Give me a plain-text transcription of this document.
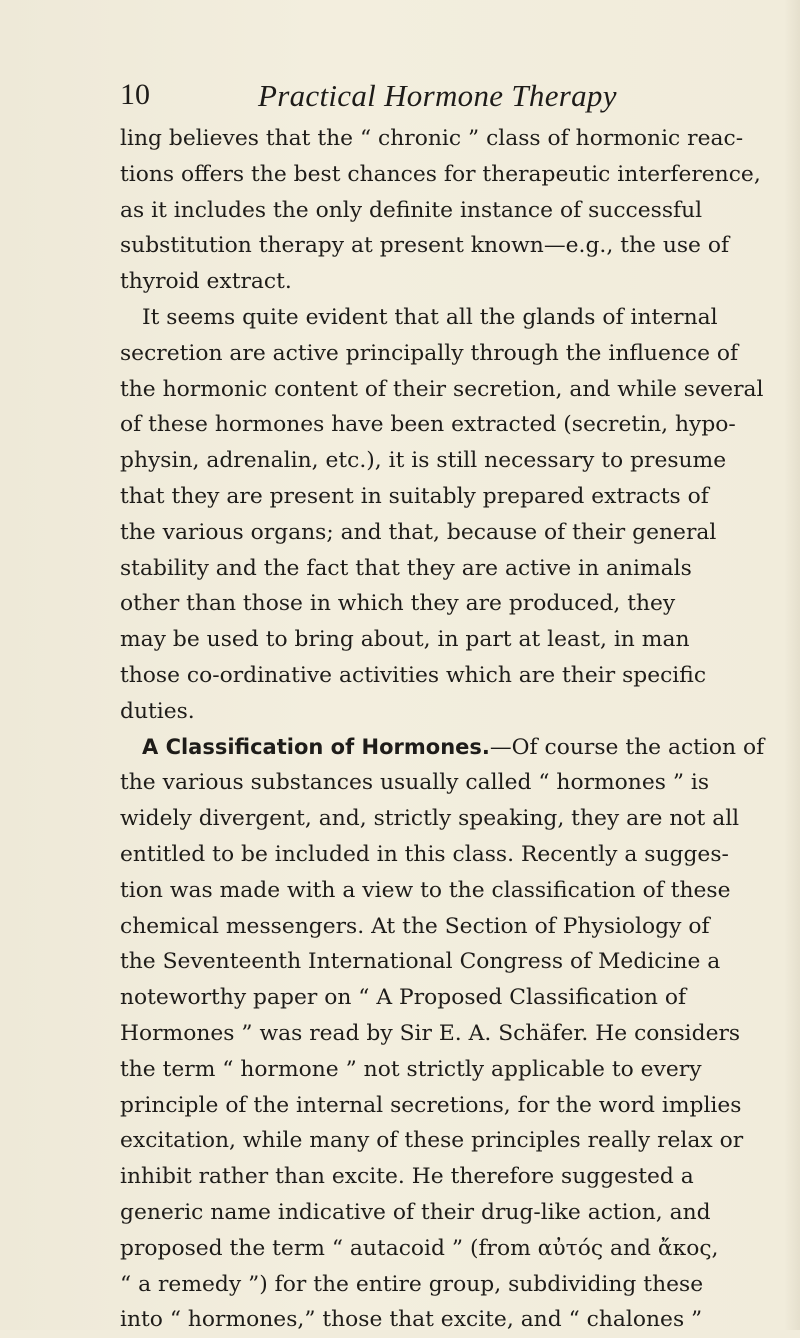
10	Practical Hormone Therapy
ling believes that the “ chronic ” class of hormonic reac-
tions offers the best chances for therapeutic interference,
as it includes the only definite instance of successful
substitution therapy at present known—e.g., the use of
thyroid extract.
It seems quite evident that all the glands of internal
secretion are active principally through the influence of
the hormonic content of their secretion, and while several
of these hormones have been extracted (secretin, hypo-
physin, adrenalin, etc.), it is still necessary to presume
that they are present in suitably prepared extracts of
the various organs; and that, because of their general
stability and the fact that they are active in animals
other than those in which they are produced, they
may be used to bring about, in part at least, in man
those co-ordinative activities which are their specific
duties.
A Classification of Hormones.—Of course the action of
the various substances usually called “ hormones ” is
widely divergent, and, strictly speaking, they are not all
entitled to be included in this class. Recently a sugges-
tion was made with a view to the classification of these
chemical messengers. At the Section of Physiology of
the Seventeenth International Congress of Medicine a
noteworthy paper on “ A Proposed Classification of
Hormones ” was read by Sir E. A. Schäfer. He considers
the term “ hormone ” not strictly applicable to every
principle of the internal secretions, for the word implies
excitation, while many of these principles really relax or
inhibit rather than excite. He therefore suggested a
generic name indicative of their drug-like action, and
proposed the term “ autacoid ” (from αὐτός and ἄκος,
“ a remedy ”) for the entire group, subdividing these
into “ hormones,” those that excite, and “ chalones ”
